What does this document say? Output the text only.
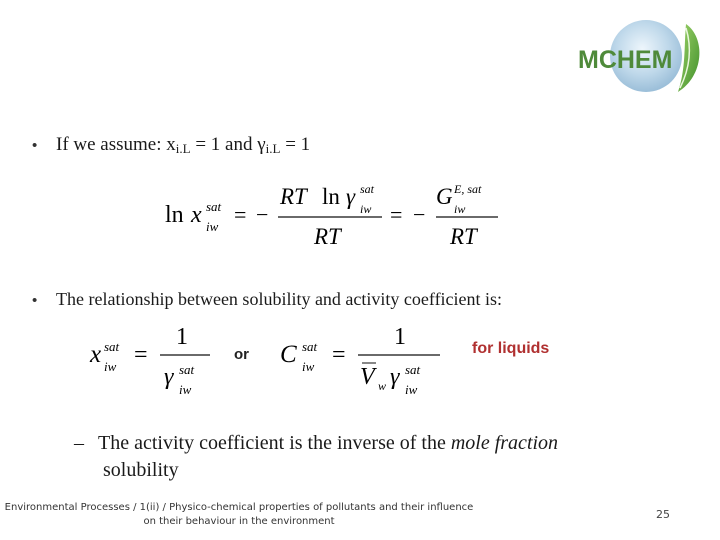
MCHEM
• If we assume: xi.L = 1 and γi.L = 1
ln x sat
iw = −
RT ln γ sat
iw
RT
= −
G E, sat
iw
RT
• The relationship between solubility and activity coefficient is:
x sat
iw =
1
γ sat
iw
or C sat
iw =
1
V w γ sat
iw
for liquids
– The activity coefficient is the inverse of the mole fraction
solubility
Environmental Processes / 1(ii) / Physico-chemical properties of pollutants and their influence
on their behaviour in the environment
25
